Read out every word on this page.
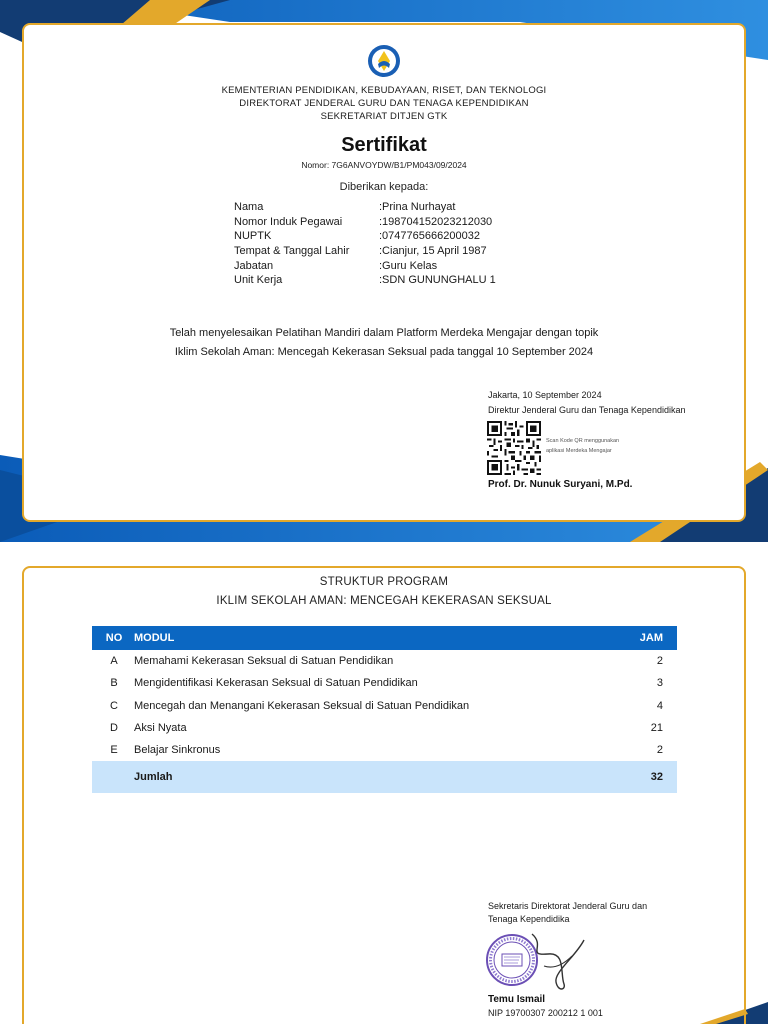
KEMENTERIAN PENDIDIKAN, KEBUDAYAAN, RISET, DAN TEKNOLOGI
DIREKTORAT JENDERAL GURU DAN TENAGA KEPENDIDIKAN
SEKRETARIAT DITJEN GTK
Sertifikat
Nomor: 7G6ANVOYDW/B1/PM043/09/2024
Diberikan kepada:
Nama	:Prina Nurhayat
Nomor Induk Pegawai	:198704152023212030
NUPTK	:0747765666200032
Tempat & Tanggal Lahir	:Cianjur, 15 April 1987
Jabatan	:Guru Kelas
Unit Kerja	:SDN GUNUNGHALU 1
Telah menyelesaikan Pelatihan Mandiri dalam Platform Merdeka Mengajar dengan topik
Iklim Sekolah Aman: Mencegah Kekerasan Seksual pada tanggal 10 September 2024
Jakarta, 10 September 2024
Direktur Jenderal Guru dan Tenaga Kependidikan
Scan Kode QR menggunakan
aplikasi Merdeka Mengajar
Prof. Dr. Nunuk Suryani, M.Pd.
STRUKTUR PROGRAM
IKLIM SEKOLAH AMAN: MENCEGAH KEKERASAN SEKSUAL
NO	MODUL	JAM
A	Memahami Kekerasan Seksual di Satuan Pendidikan	2
B	Mengidentifikasi Kekerasan Seksual di Satuan Pendidikan	3
C	Mencegah dan Menangani Kekerasan Seksual di Satuan Pendidikan	4
D	Aksi Nyata	21
E	Belajar Sinkronus	2
Jumlah	32
Sekretaris Direktorat Jenderal Guru dan
Tenaga Kependidika
Temu Ismail
NIP 19700307 200212 1 001
